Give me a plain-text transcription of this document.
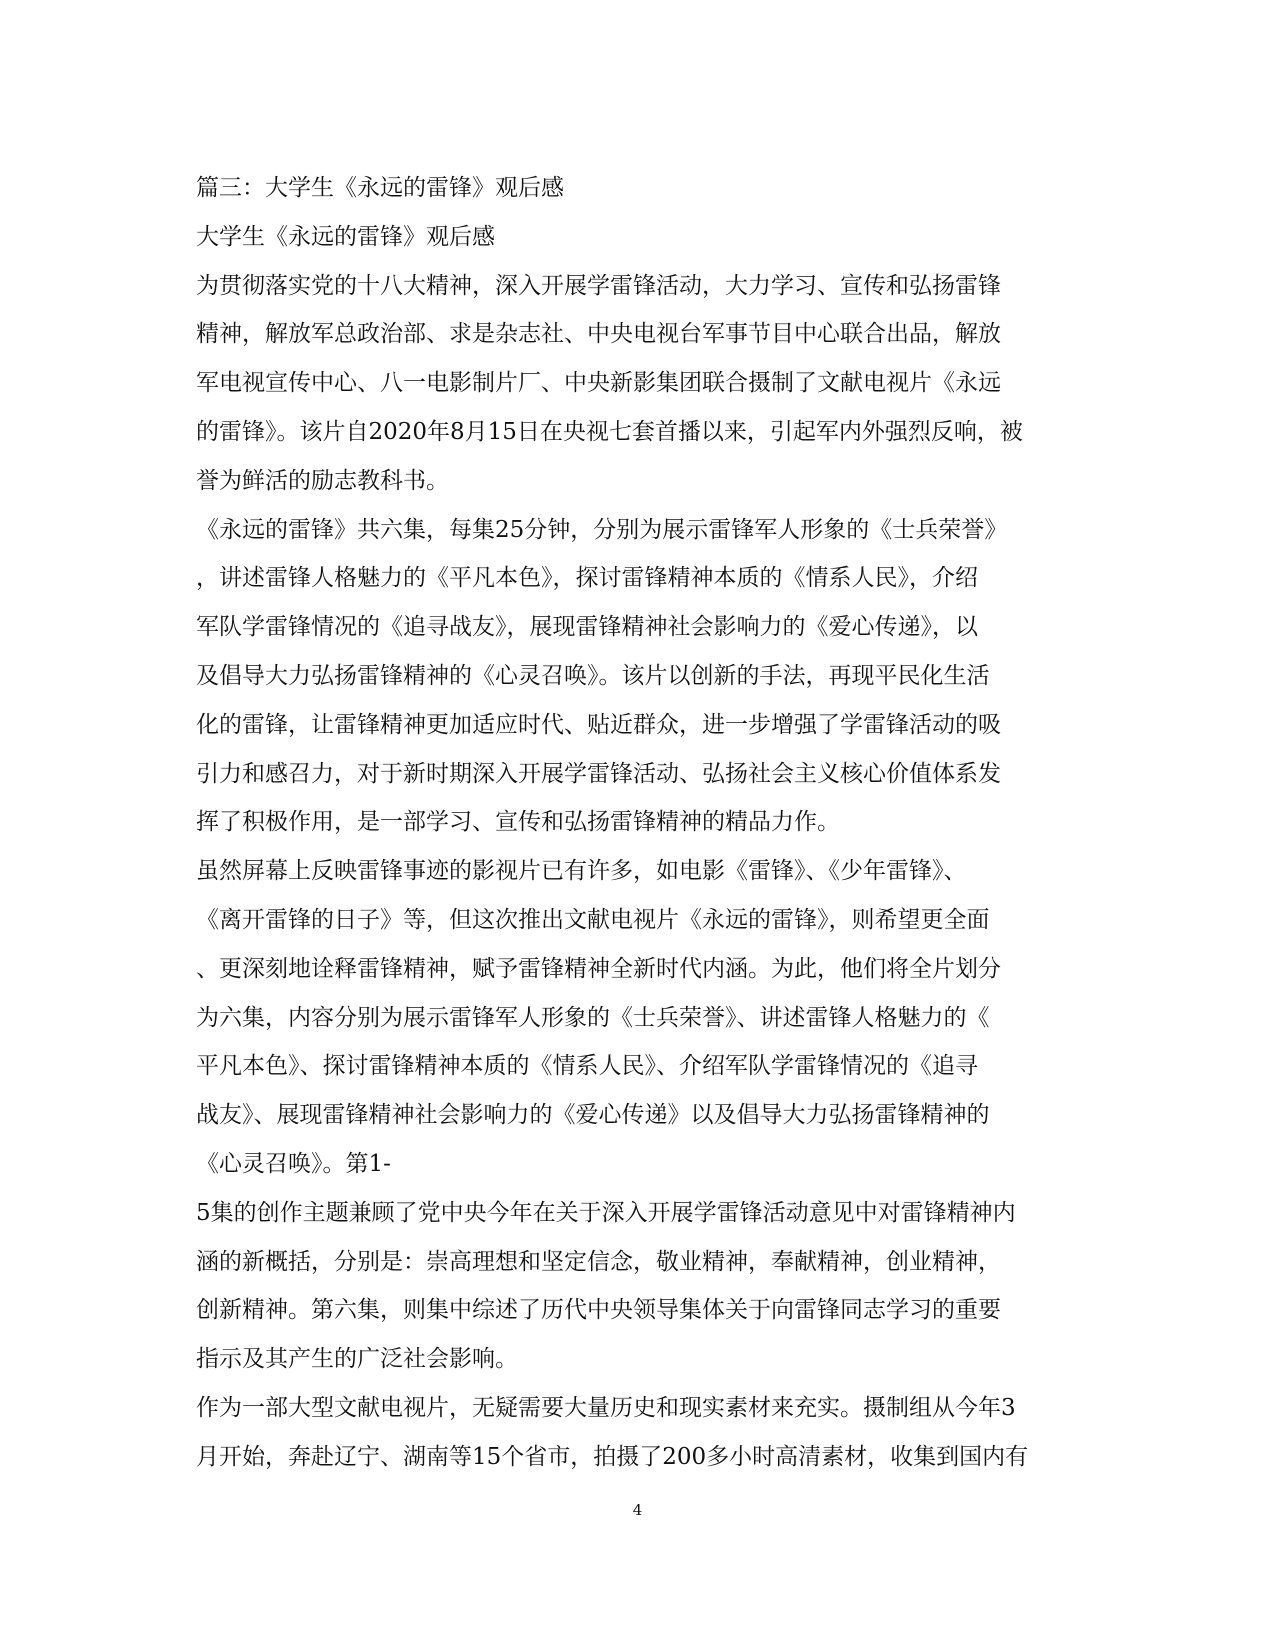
篇三：大学生《永远的雷锋》观后感
大学生《永远的雷锋》观后感
为贯彻落实党的十八大精神，深入开展学雷锋活动，大力学习、宣传和弘扬雷锋
精神，解放军总政治部、求是杂志社、中央电视台军事节目中心联合出品，解放
军电视宣传中心、八一电影制片厂、中央新影集团联合摄制了文献电视片《永远
的雷锋》。该片自2020年8月15日在央视七套首播以来，引起军内外强烈反响，被
誉为鲜活的励志教科书。
《永远的雷锋》共六集，每集25分钟，分别为展示雷锋军人形象的《士兵荣誉》
，讲述雷锋人格魅力的《平凡本色》，探讨雷锋精神本质的《情系人民》，介绍
军队学雷锋情况的《追寻战友》，展现雷锋精神社会影响力的《爱心传递》，以
及倡导大力弘扬雷锋精神的《心灵召唤》。该片以创新的手法，再现平民化生活
化的雷锋，让雷锋精神更加适应时代、贴近群众，进一步增强了学雷锋活动的吸
引力和感召力，对于新时期深入开展学雷锋活动、弘扬社会主义核心价值体系发
挥了积极作用，是一部学习、宣传和弘扬雷锋精神的精品力作。
虽然屏幕上反映雷锋事迹的影视片已有许多，如电影《雷锋》、《少年雷锋》、
《离开雷锋的日子》等，但这次推出文献电视片《永远的雷锋》，则希望更全面
、更深刻地诠释雷锋精神，赋予雷锋精神全新时代内涵。为此，他们将全片划分
为六集，内容分别为展示雷锋军人形象的《士兵荣誉》、讲述雷锋人格魅力的《
平凡本色》、探讨雷锋精神本质的《情系人民》、介绍军队学雷锋情况的《追寻
战友》、展现雷锋精神社会影响力的《爱心传递》以及倡导大力弘扬雷锋精神的
《心灵召唤》。第1-
5集的创作主题兼顾了党中央今年在关于深入开展学雷锋活动意见中对雷锋精神内
涵的新概括，分别是：崇高理想和坚定信念，敬业精神，奉献精神，创业精神，
创新精神。第六集，则集中综述了历代中央领导集体关于向雷锋同志学习的重要
指示及其产生的广泛社会影响。
作为一部大型文献电视片，无疑需要大量历史和现实素材来充实。摄制组从今年3
月开始，奔赴辽宁、湖南等15个省市，拍摄了200多小时高清素材，收集到国内有
4
